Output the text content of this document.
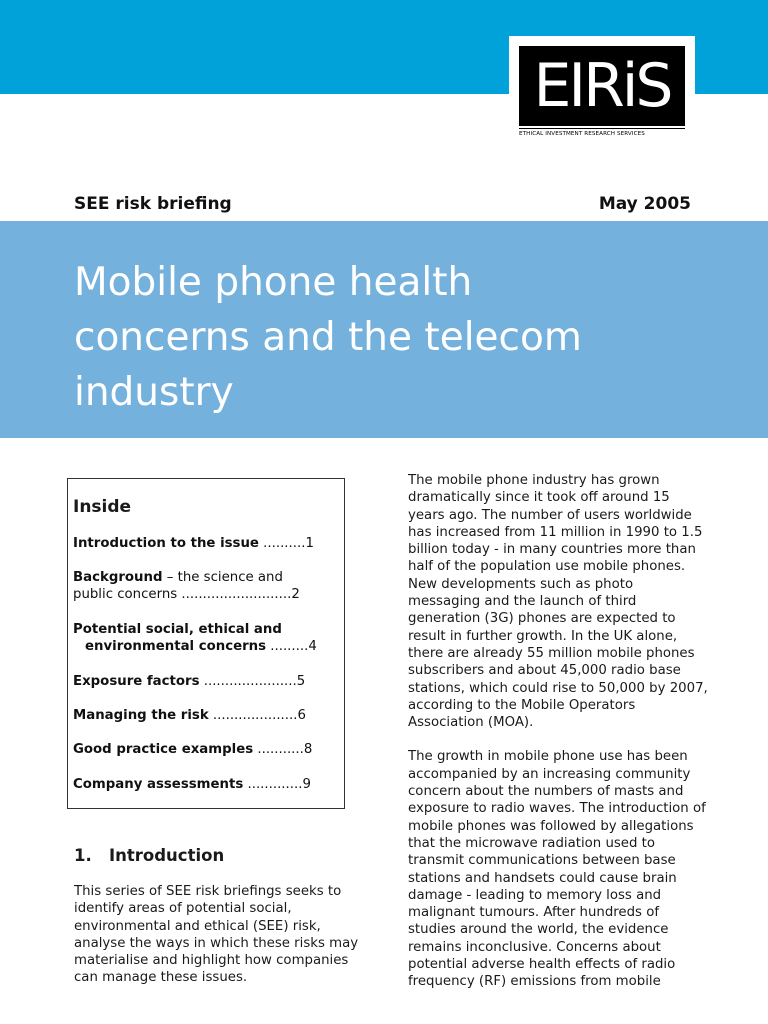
EIRiS
ETHICAL INVESTMENT RESEARCH SERVICES
SEE risk briefing	May 2005
Mobile phone health
concerns and the telecom
industry
Inside
Introduction to the issue ..........1
Background – the science and
public concerns ..........................2
Potential social, ethical and
environmental concerns .........4
Exposure factors ......................5
Managing the risk ....................6
Good practice examples ...........8
Company assessments .............9
1.   Introduction

This series of SEE risk briefings seeks to identify areas of potential social, environmental and ethical (SEE) risk, analyse the ways in which these risks may materialise and highlight how companies can manage these issues.

The mobile phone industry has grown dramatically since it took off around 15 years ago. The number of users worldwide has increased from 11 million in 1990 to 1.5 billion today - in many countries more than half of the population use mobile phones. New developments such as photo messaging and the launch of third generation (3G) phones are expected to result in further growth. In the UK alone, there are already 55 million mobile phones subscribers and about 45,000 radio base stations, which could rise to 50,000 by 2007, according to the Mobile Operators Association (MOA).

The growth in mobile phone use has been accompanied by an increasing community concern about the numbers of masts and exposure to radio waves. The introduction of mobile phones was followed by allegations that the microwave radiation used to transmit communications between base stations and handsets could cause brain damage - leading to memory loss and malignant tumours. After hundreds of studies around the world, the evidence remains inconclusive. Concerns about potential adverse health effects of radio frequency (RF) emissions from mobile
